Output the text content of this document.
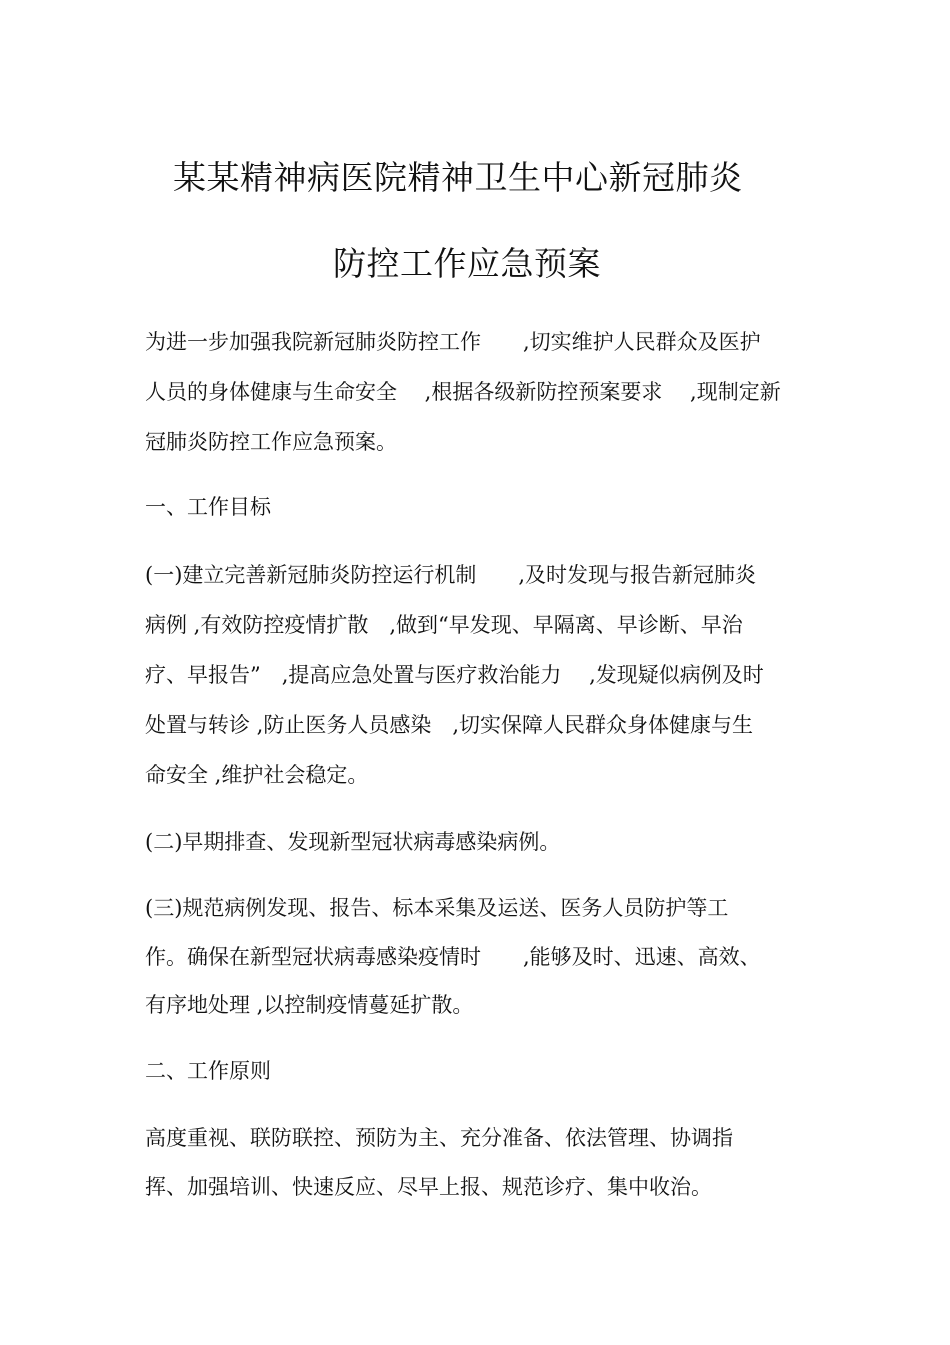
某某精神病医院精神卫生中心新冠肺炎
防控工作应急预案
为进一步加强我院新冠肺炎防控工作　　,切实维护人民群众及医护
人员的身体健康与生命安全　 ,根据各级新防控预案要求　 ,现制定新
冠肺炎防控工作应急预案。
一、工作目标
(一)建立完善新冠肺炎防控运行机制　　,及时发现与报告新冠肺炎
病例 ,有效防控疫情扩散　,做到“早发现、早隔离、早诊断、早治
疗、早报告”　,提高应急处置与医疗救治能力　 ,发现疑似病例及时
处置与转诊 ,防止医务人员感染　,切实保障人民群众身体健康与生
命安全 ,维护社会稳定。
(二)早期排查、发现新型冠状病毒感染病例。
(三)规范病例发现、报告、标本采集及运送、医务人员防护等工
作。确保在新型冠状病毒感染疫情时　　,能够及时、迅速、高效、
有序地处理 ,以控制疫情蔓延扩散。
二、工作原则
高度重视、联防联控、预防为主、充分准备、依法管理、协调指
挥、加强培训、快速反应、尽早上报、规范诊疗、集中收治。
